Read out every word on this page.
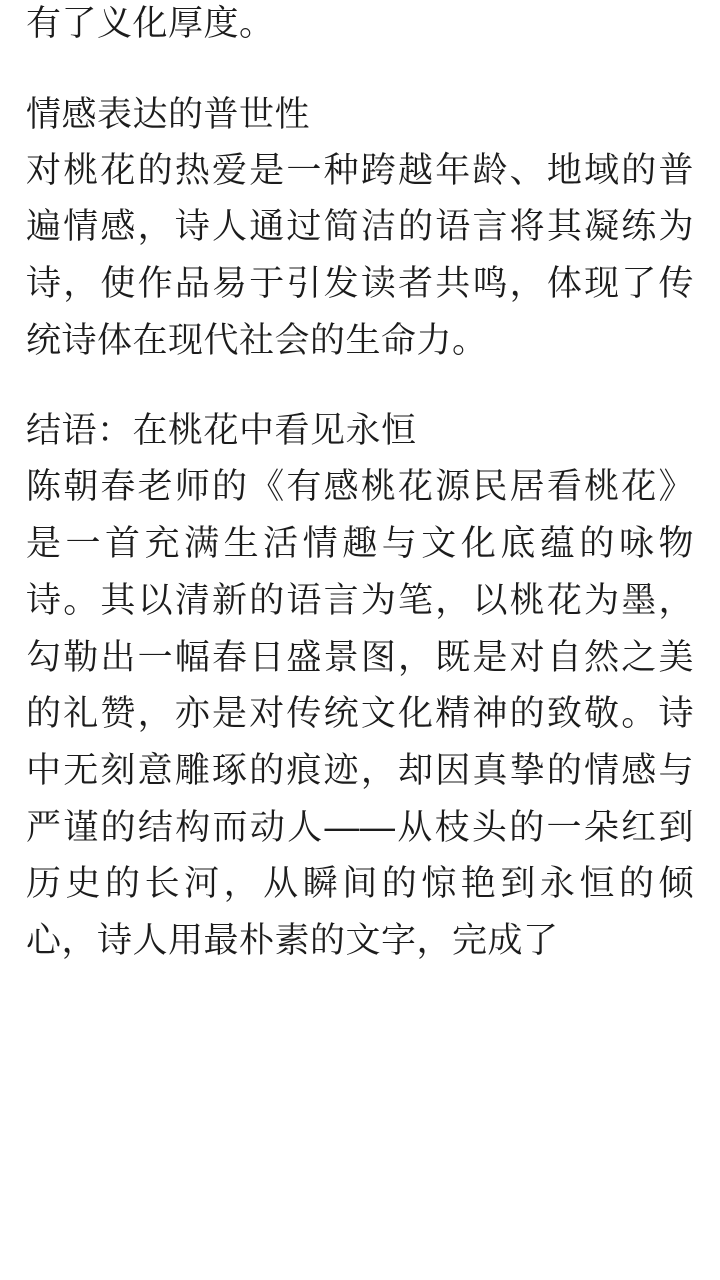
有了义化厚度。

情感表达的普世性

对桃花的热爱是一种跨越年龄、地域的普遍情感，诗人通过简洁的语言将其凝练为诗，使作品易于引发读者共鸣，体现了传统诗体在现代社会的生命力。

结语：在桃花中看见永恒

陈朝春老师的《有感桃花源民居看桃花》是一首充满生活情趣与文化底蕴的咏物诗。其以清新的语言为笔，以桃花为墨，勾勒出一幅春日盛景图，既是对自然之美的礼赞，亦是对传统文化精神的致敬。诗中无刻意雕琢的痕迹，却因真挚的情感与严谨的结构而动人——从枝头的一朵红到历史的长河，从瞬间的惊艳到永恒的倾心，诗人用最朴素的文字，完成了
